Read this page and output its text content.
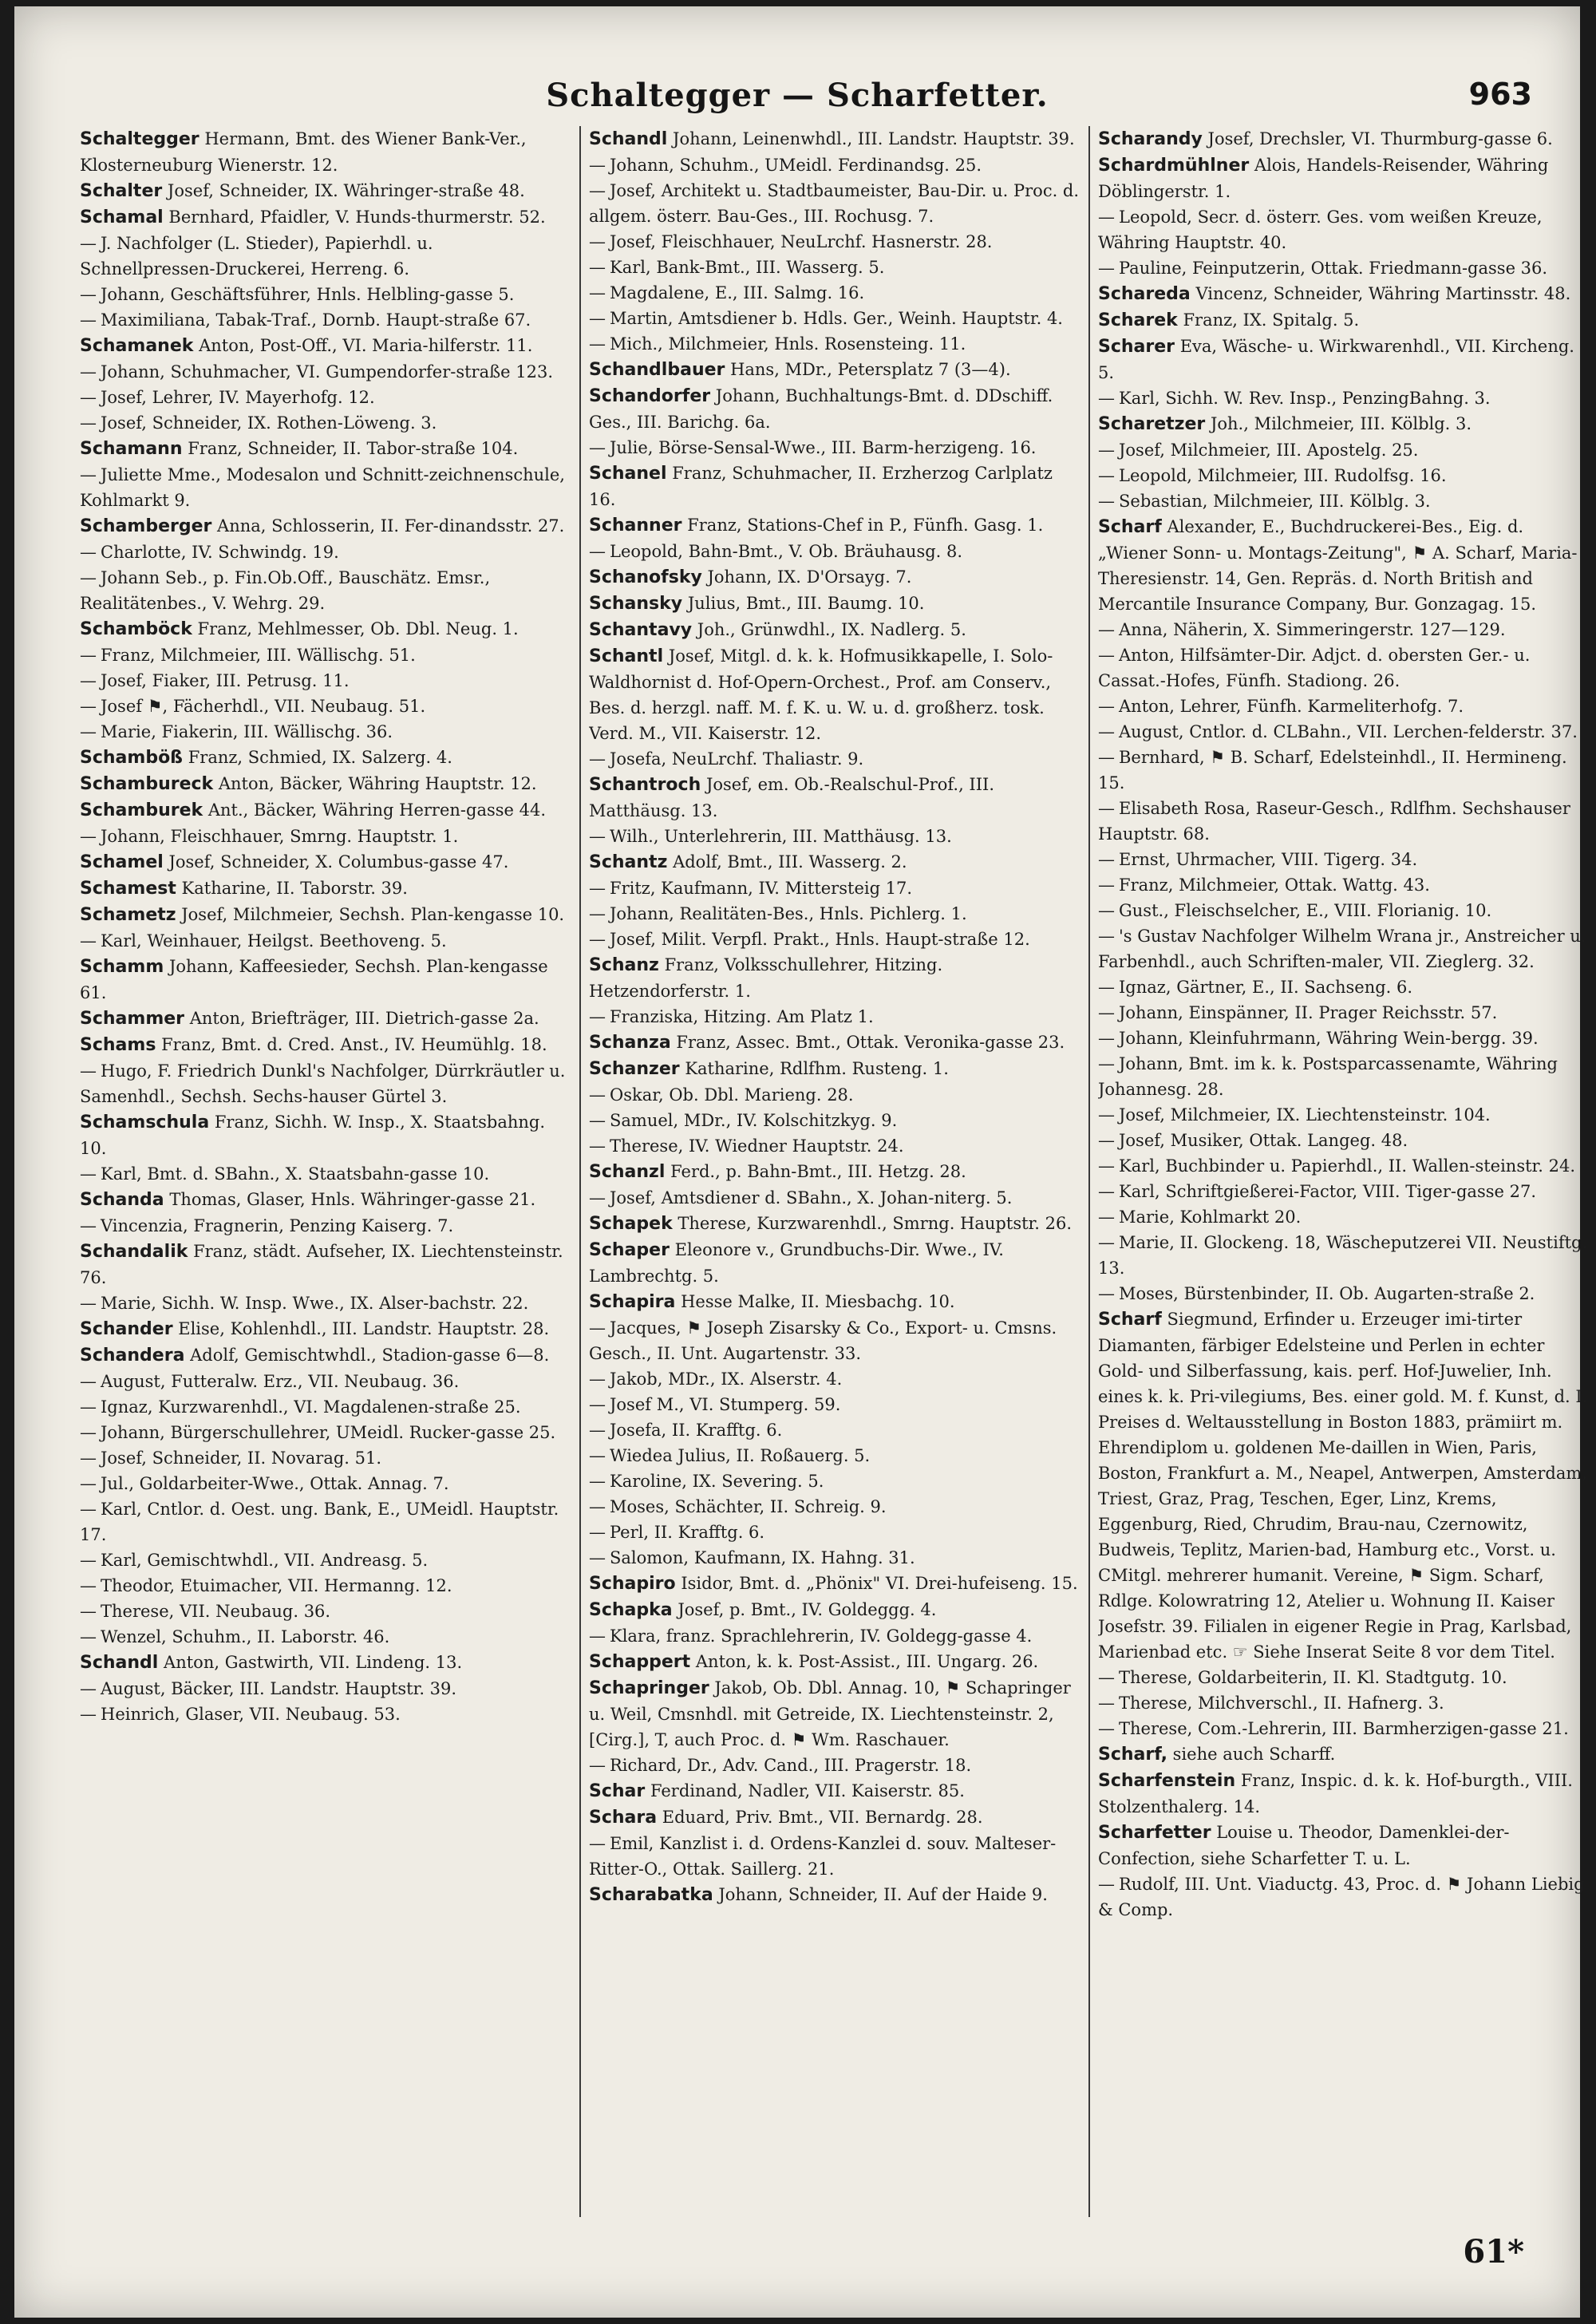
Schaltegger — Scharfetter.	963

Schaltegger Hermann, Bmt. des Wiener Bank-Ver., Klosterneuburg Wienerstr. 12.

Schalter Josef, Schneider, IX. Währinger-straße 48.

Schamal Bernhard, Pfaidler, V. Hunds-thurmerstr. 52.

— J. Nachfolger (L. Stieder), Papierhdl. u. Schnellpressen-Druckerei, Herreng. 6.

— Johann, Geschäftsführer, Hnls. Helbling-gasse 5.

— Maximiliana, Tabak-Traf., Dornb. Haupt-straße 67.

Schamanek Anton, Post-Off., VI. Maria-hilferstr. 11.

— Johann, Schuhmacher, VI. Gumpendorfer-straße 123.

— Josef, Lehrer, IV. Mayerhofg. 12.

— Josef, Schneider, IX. Rothen-Löweng. 3.

Schamann Franz, Schneider, II. Tabor-straße 104.

— Juliette Mme., Modesalon und Schnitt-zeichnenschule, Kohlmarkt 9.

Schamberger Anna, Schlosserin, II. Fer-dinandsstr. 27.

— Charlotte, IV. Schwindg. 19.

— Johann Seb., p. Fin.Ob.Off., Bauschätz. Emsr., Realitätenbes., V. Wehrg. 29.

Schamböck Franz, Mehlmesser, Ob. Dbl. Neug. 1.

— Franz, Milchmeier, III. Wällischg. 51.

— Josef, Fiaker, III. Petrusg. 11.

— Josef ⚑, Fächerhdl., VII. Neubaug. 51.

— Marie, Fiakerin, III. Wällischg. 36.

Schamböß Franz, Schmied, IX. Salzerg. 4.

Schambureck Anton, Bäcker, Währing Hauptstr. 12.

Schamburek Ant., Bäcker, Währing Herren-gasse 44.

— Johann, Fleischhauer, Smrng. Hauptstr. 1.

Schamel Josef, Schneider, X. Columbus-gasse 47.

Schamest Katharine, II. Taborstr. 39.

Schametz Josef, Milchmeier, Sechsh. Plan-kengasse 10.

— Karl, Weinhauer, Heilgst. Beethoveng. 5.

Schamm Johann, Kaffeesieder, Sechsh. Plan-kengasse 61.

Schammer Anton, Briefträger, III. Dietrich-gasse 2a.

Schams Franz, Bmt. d. Cred. Anst., IV. Heumühlg. 18.

— Hugo, F. Friedrich Dunkl's Nachfolger, Dürrkräutler u. Samenhdl., Sechsh. Sechs-hauser Gürtel 3.

Schamschula Franz, Sichh. W. Insp., X. Staatsbahng. 10.

— Karl, Bmt. d. SBahn., X. Staatsbahn-gasse 10.

Schanda Thomas, Glaser, Hnls. Währinger-gasse 21.

— Vincenzia, Fragnerin, Penzing Kaiserg. 7.

Schandalik Franz, städt. Aufseher, IX. Liechtensteinstr. 76.

— Marie, Sichh. W. Insp. Wwe., IX. Alser-bachstr. 22.

Schander Elise, Kohlenhdl., III. Landstr. Hauptstr. 28.

Schandera Adolf, Gemischtwhdl., Stadion-gasse 6—8.

— August, Futteralw. Erz., VII. Neubaug. 36.

— Ignaz, Kurzwarenhdl., VI. Magdalenen-straße 25.

— Johann, Bürgerschullehrer, UMeidl. Rucker-gasse 25.

— Josef, Schneider, II. Novarag. 51.

— Jul., Goldarbeiter-Wwe., Ottak. Annag. 7.

— Karl, Cntlor. d. Oest. ung. Bank, E., UMeidl. Hauptstr. 17.

— Karl, Gemischtwhdl., VII. Andreasg. 5.

— Theodor, Etuimacher, VII. Hermanng. 12.

— Therese, VII. Neubaug. 36.

— Wenzel, Schuhm., II. Laborstr. 46.

Schandl Anton, Gastwirth, VII. Lindeng. 13.

— August, Bäcker, III. Landstr. Hauptstr. 39.

— Heinrich, Glaser, VII. Neubaug. 53.

Schandl Johann, Leinenwhdl., III. Landstr. Hauptstr. 39.

— Johann, Schuhm., UMeidl. Ferdinandsg. 25.

— Josef, Architekt u. Stadtbaumeister, Bau-Dir. u. Proc. d. allgem. österr. Bau-Ges., III. Rochusg. 7.

— Josef, Fleischhauer, NeuLrchf. Hasnerstr. 28.

— Karl, Bank-Bmt., III. Wasserg. 5.

— Magdalene, E., III. Salmg. 16.

— Martin, Amtsdiener b. Hdls. Ger., Weinh. Hauptstr. 4.

— Mich., Milchmeier, Hnls. Rosensteing. 11.

Schandlbauer Hans, MDr., Petersplatz 7 (3—4).

Schandorfer Johann, Buchhaltungs-Bmt. d. DDschiff. Ges., III. Barichg. 6a.

— Julie, Börse-Sensal-Wwe., III. Barm-herzigeng. 16.

Schanel Franz, Schuhmacher, II. Erzherzog Carlplatz 16.

Schanner Franz, Stations-Chef in P., Fünfh. Gasg. 1.

— Leopold, Bahn-Bmt., V. Ob. Bräuhausg. 8.

Schanofsky Johann, IX. D'Orsayg. 7.

Schansky Julius, Bmt., III. Baumg. 10.

Schantavy Joh., Grünwdhl., IX. Nadlerg. 5.

Schantl Josef, Mitgl. d. k. k. Hofmusikkapelle, I. Solo-Waldhornist d. Hof-Opern-Orchest., Prof. am Conserv., Bes. d. herzgl. naff. M. f. K. u. W. u. d. großherz. tosk. Verd. M., VII. Kaiserstr. 12.

— Josefa, NeuLrchf. Thaliastr. 9.

Schantroch Josef, em. Ob.-Realschul-Prof., III. Matthäusg. 13.

— Wilh., Unterlehrerin, III. Matthäusg. 13.

Schantz Adolf, Bmt., III. Wasserg. 2.

— Fritz, Kaufmann, IV. Mittersteig 17.

— Johann, Realitäten-Bes., Hnls. Pichlerg. 1.

— Josef, Milit. Verpfl. Prakt., Hnls. Haupt-straße 12.

Schanz Franz, Volksschullehrer, Hitzing. Hetzendorferstr. 1.

— Franziska, Hitzing. Am Platz 1.

Schanza Franz, Assec. Bmt., Ottak. Veronika-gasse 23.

Schanzer Katharine, Rdlfhm. Rusteng. 1.

— Oskar, Ob. Dbl. Marieng. 28.

— Samuel, MDr., IV. Kolschitzkyg. 9.

— Therese, IV. Wiedner Hauptstr. 24.

Schanzl Ferd., p. Bahn-Bmt., III. Hetzg. 28.

— Josef, Amtsdiener d. SBahn., X. Johan-niterg. 5.

Schapek Therese, Kurzwarenhdl., Smrng. Hauptstr. 26.

Schaper Eleonore v., Grundbuchs-Dir. Wwe., IV. Lambrechtg. 5.

Schapira Hesse Malke, II. Miesbachg. 10.

— Jacques, ⚑ Joseph Zisarsky & Co., Export- u. Cmsns. Gesch., II. Unt. Augartenstr. 33.

— Jakob, MDr., IX. Alserstr. 4.

— Josef M., VI. Stumperg. 59.

— Josefa, II. Krafftg. 6.

— Wiedea Julius, II. Roßauerg. 5.

— Karoline, IX. Severing. 5.

— Moses, Schächter, II. Schreig. 9.

— Perl, II. Krafftg. 6.

— Salomon, Kaufmann, IX. Hahng. 31.

Schapiro Isidor, Bmt. d. „Phönix" VI. Drei-hufeiseng. 15.

Schapka Josef, p. Bmt., IV. Goldeggg. 4.

— Klara, franz. Sprachlehrerin, IV. Goldegg-gasse 4.

Schappert Anton, k. k. Post-Assist., III. Ungarg. 26.

Schapringer Jakob, Ob. Dbl. Annag. 10, ⚑ Schapringer u. Weil, Cmsnhdl. mit Getreide, IX. Liechtensteinstr. 2, [Cirg.], T, auch Proc. d. ⚑ Wm. Raschauer.

— Richard, Dr., Adv. Cand., III. Pragerstr. 18.

Schar Ferdinand, Nadler, VII. Kaiserstr. 85.

Schara Eduard, Priv. Bmt., VII. Bernardg. 28.

— Emil, Kanzlist i. d. Ordens-Kanzlei d. souv. Malteser-Ritter-O., Ottak. Saillerg. 21.

Scharabatka Johann, Schneider, II. Auf der Haide 9.

Scharandy Josef, Drechsler, VI. Thurmburg-gasse 6.

Schardmühlner Alois, Handels-Reisender, Währing Döblingerstr. 1.

— Leopold, Secr. d. österr. Ges. vom weißen Kreuze, Währing Hauptstr. 40.

— Pauline, Feinputzerin, Ottak. Friedmann-gasse 36.

Schareda Vincenz, Schneider, Währing Martinsstr. 48.

Scharek Franz, IX. Spitalg. 5.

Scharer Eva, Wäsche- u. Wirkwarenhdl., VII. Kircheng. 5.

— Karl, Sichh. W. Rev. Insp., PenzingBahng. 3.

Scharetzer Joh., Milchmeier, III. Kölblg. 3.

— Josef, Milchmeier, III. Apostelg. 25.

— Leopold, Milchmeier, III. Rudolfsg. 16.

— Sebastian, Milchmeier, III. Kölblg. 3.

Scharf Alexander, E., Buchdruckerei-Bes., Eig. d. „Wiener Sonn- u. Montags-Zeitung", ⚑ A. Scharf, Maria-Theresienstr. 14, Gen. Repräs. d. North British and Mercantile Insurance Company, Bur. Gonzagag. 15.

— Anna, Näherin, X. Simmeringerstr. 127—129.

— Anton, Hilfsämter-Dir. Adjct. d. obersten Ger.- u. Cassat.-Hofes, Fünfh. Stadiong. 26.

— Anton, Lehrer, Fünfh. Karmeliterhofg. 7.

— August, Cntlor. d. CLBahn., VII. Lerchen-felderstr. 37.

— Bernhard, ⚑ B. Scharf, Edelsteinhdl., II. Hermineng. 15.

— Elisabeth Rosa, Raseur-Gesch., Rdlfhm. Sechshauser Hauptstr. 68.

— Ernst, Uhrmacher, VIII. Tigerg. 34.

— Franz, Milchmeier, Ottak. Wattg. 43.

— Gust., Fleischselcher, E., VIII. Florianig. 10.

— 's Gustav Nachfolger Wilhelm Wrana jr., Anstreicher u. Farbenhdl., auch Schriften-maler, VII. Zieglerg. 32.

— Ignaz, Gärtner, E., II. Sachseng. 6.

— Johann, Einspänner, II. Prager Reichsstr. 57.

— Johann, Kleinfuhrmann, Währing Wein-bergg. 39.

— Johann, Bmt. im k. k. Postsparcassenamte, Währing Johannesg. 28.

— Josef, Milchmeier, IX. Liechtensteinstr. 104.

— Josef, Musiker, Ottak. Langeg. 48.

— Karl, Buchbinder u. Papierhdl., II. Wallen-steinstr. 24.

— Karl, Schriftgießerei-Factor, VIII. Tiger-gasse 27.

— Marie, Kohlmarkt 20.

— Marie, II. Glockeng. 18, Wäscheputzerei VII. Neustiftg. 13.

— Moses, Bürstenbinder, II. Ob. Augarten-straße 2.

Scharf Siegmund, Erfinder u. Erzeuger imi-tirter Diamanten, färbiger Edelsteine und Perlen in echter Gold- und Silberfassung, kais. perf. Hof-Juwelier, Inh. eines k. k. Pri-vilegiums, Bes. einer gold. M. f. Kunst, d. I. Preises d. Weltausstellung in Boston 1883, prämiirt m. Ehrendiplom u. goldenen Me-daillen in Wien, Paris, Boston, Frankfurt a. M., Neapel, Antwerpen, Amsterdam, Triest, Graz, Prag, Teschen, Eger, Linz, Krems, Eggenburg, Ried, Chrudim, Brau-nau, Czernowitz, Budweis, Teplitz, Marien-bad, Hamburg etc., Vorst. u. CMitgl. mehrerer humanit. Vereine, ⚑ Sigm. Scharf, Rdlge. Kolowratring 12, Atelier u. Wohnung II. Kaiser Josefstr. 39. Filialen in eigener Regie in Prag, Karlsbad, Marienbad etc. ☞ Siehe Inserat Seite 8 vor dem Titel.

— Therese, Goldarbeiterin, II. Kl. Stadtgutg. 10.

— Therese, Milchverschl., II. Hafnerg. 3.

— Therese, Com.-Lehrerin, III. Barmherzigen-gasse 21.

Scharf, siehe auch Scharff.

Scharfenstein Franz, Inspic. d. k. k. Hof-burgth., VIII. Stolzenthalerg. 14.

Scharfetter Louise u. Theodor, Damenklei-der-Confection, siehe Scharfetter T. u. L.

— Rudolf, III. Unt. Viaductg. 43, Proc. d. ⚑ Johann Liebig & Comp.

61*
